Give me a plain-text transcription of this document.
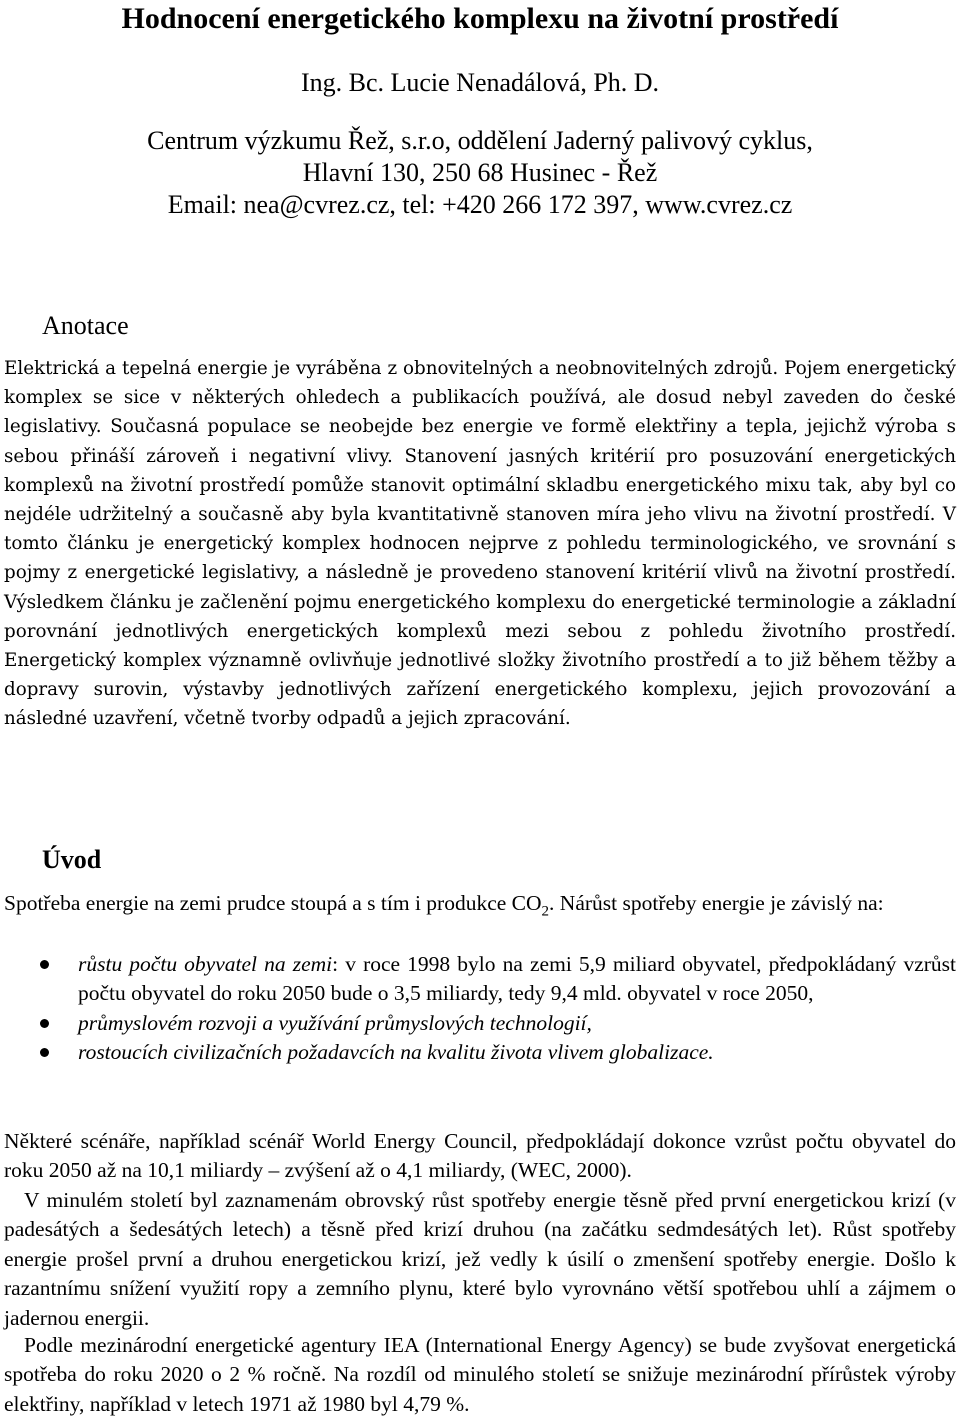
Hodnocení energetického komplexu na životní prostředí
Ing. Bc. Lucie Nenadálová, Ph. D.
Centrum výzkumu Řež, s.r.o, oddělení Jaderný palivový cyklus,
Hlavní 130, 250 68 Husinec - Řež
Email: nea@cvrez.cz, tel: +420 266 172 397, www.cvrez.cz
Anotace

Elektrická a tepelná energie je vyráběna z obnovitelných a neobnovitelných zdrojů. Pojem energetický komplex se sice v některých ohledech a publikacích používá, ale dosud nebyl zaveden do české legislativy. Současná populace se neobejde bez energie ve formě elektřiny a tepla, jejichž výroba s sebou přináší zároveň i negativní vlivy. Stanovení jasných kritérií pro posuzování energetických komplexů na životní prostředí pomůže stanovit optimální skladbu energetického mixu tak, aby byl co nejdéle udržitelný a současně aby byla kvantitativně stanoven míra jeho vlivu na životní prostředí. V tomto článku je energetický komplex hodnocen nejprve z pohledu terminologického, ve srovnání s pojmy z energetické legislativy, a následně je provedeno stanovení kritérií vlivů na životní prostředí. Výsledkem článku je začlenění pojmu energetického komplexu do energetické terminologie a základní porovnání jednotlivých energetických komplexů mezi sebou z pohledu životního prostředí. Energetický komplex významně ovlivňuje jednotlivé složky životního prostředí a to již během těžby a dopravy surovin, výstavby jednotlivých zařízení energetického komplexu, jejich provozování a následné uzavření, včetně tvorby odpadů a jejich zpracování.

Úvod

Spotřeba energie na zemi prudce stoupá a s tím i produkce $CO_2$. Nárůst spotřeby energie je závislý na:

růstu počtu obyvatel na zemi: v roce 1998 bylo na zemi 5,9 miliard obyvatel, předpokládaný vzrůst počtu obyvatel do roku 2050 bude o 3,5 miliardy, tedy 9,4 mld. obyvatel v roce 2050,
průmyslovém rozvoji a využívání průmyslových technologií,
rostoucích civilizačních požadavcích na kvalitu života vlivem globalizace.

Některé scénáře, například scénář World Energy Council, předpokládají dokonce vzrůst počtu obyvatel do roku 2050 až na 10,1 miliardy – zvýšení až o 4,1 miliardy, (WEC, 2000).

V minulém století byl zaznamenám obrovský růst spotřeby energie těsně před první energetickou krizí (v padesátých a šedesátých letech) a těsně před krizí druhou (na začátku sedmdesátých let). Růst spotřeby energie prošel první a druhou energetickou krizí, jež vedly k úsilí o zmenšení spotřeby energie. Došlo k razantnímu snížení využití ropy a zemního plynu, které bylo vyrovnáno větší spotřebou uhlí a zájmem o jadernou energii.

Podle mezinárodní energetické agentury IEA (International Energy Agency) se bude zvyšovat energetická spotřeba do roku 2020 o 2 % ročně. Na rozdíl od minulého století se snižuje mezinárodní přírůstek výroby elektřiny, například v letech 1971 až 1980 byl 4,79 %.
